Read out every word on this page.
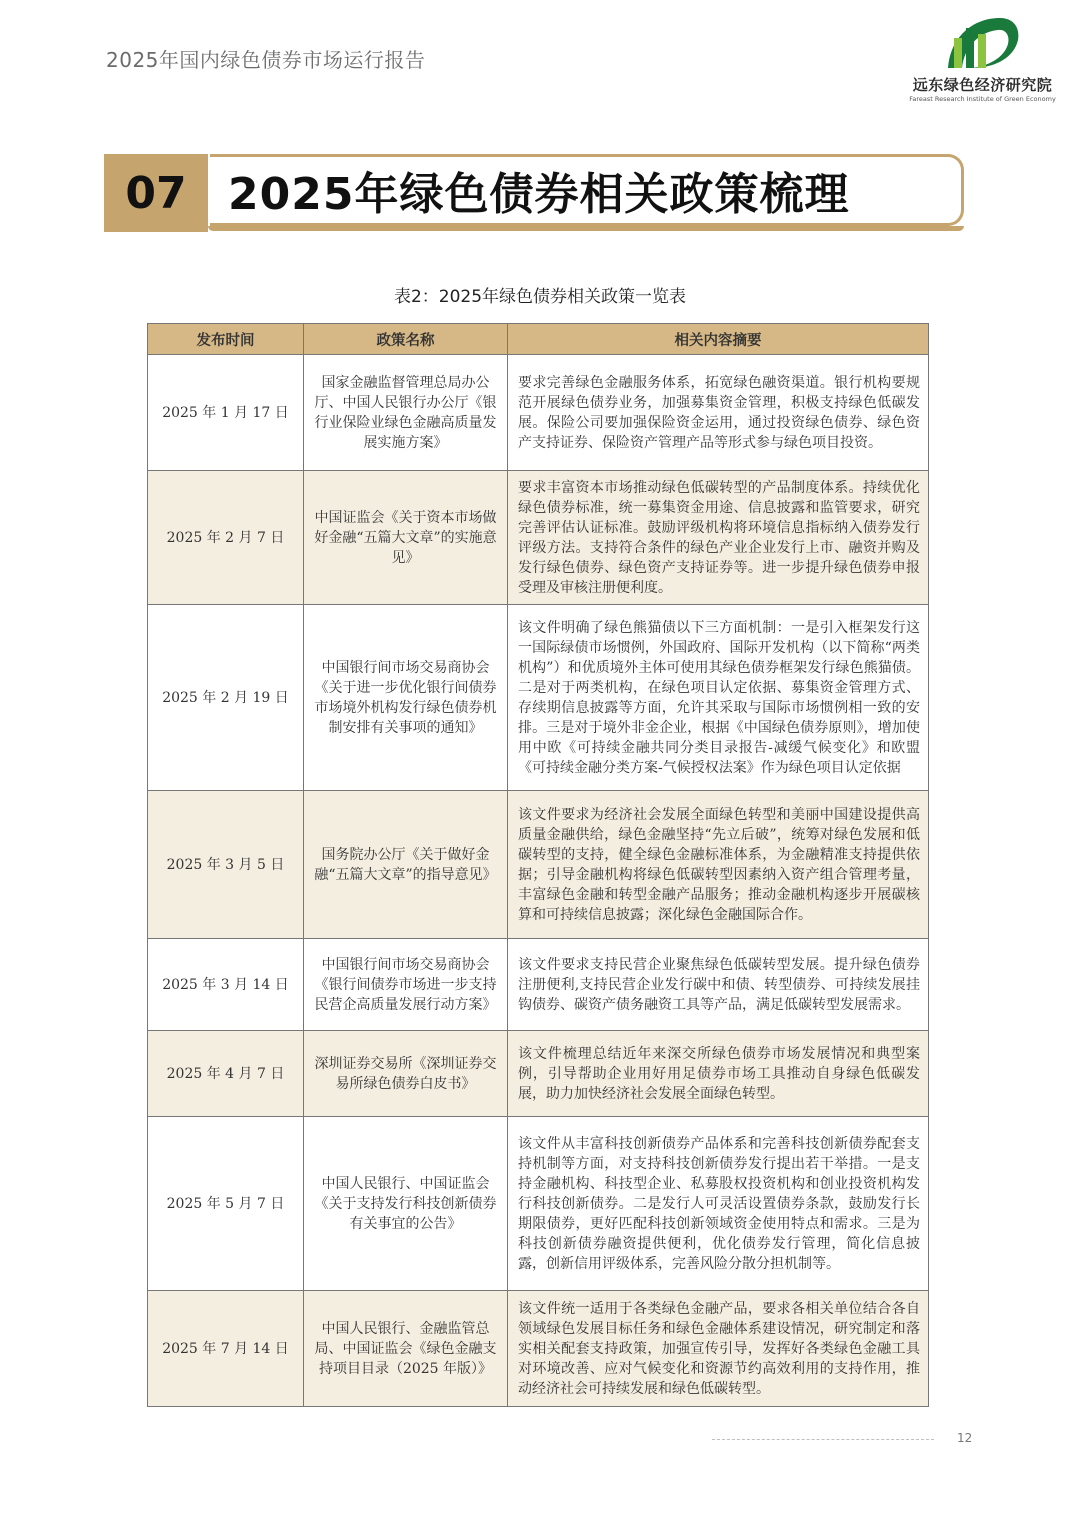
2025年国内绿色债券市场运行报告
远东绿色经济研究院
Fareast Research Institute of Green Economy
07 2025年绿色债券相关政策梳理
表2：2025年绿色债券相关政策一览表
发布时间	政策名称	相关内容摘要
2025 年 1 月 17 日	国家金融监督管理总局办公厅、中国人民银行办公厅《银行业保险业绿色金融高质量发展实施方案》	要求完善绿色金融服务体系，拓宽绿色融资渠道。银行机构要规范开展绿色债券业务，加强募集资金管理，积极支持绿色低碳发展。保险公司要加强保险资金运用，通过投资绿色债券、绿色资产支持证券、保险资产管理产品等形式参与绿色项目投资。
2025 年 2 月 7 日	中国证监会《关于资本市场做好金融“五篇大文章”的实施意见》	要求丰富资本市场推动绿色低碳转型的产品制度体系。持续优化绿色债券标准，统一募集资金用途、信息披露和监管要求，研究完善评估认证标准。鼓励评级机构将环境信息指标纳入债券发行评级方法。支持符合条件的绿色产业企业发行上市、融资并购及发行绿色债券、绿色资产支持证券等。进一步提升绿色债券申报受理及审核注册便利度。
2025 年 2 月 19 日	中国银行间市场交易商协会《关于进一步优化银行间债券市场境外机构发行绿色债券机制安排有关事项的通知》	该文件明确了绿色熊猫债以下三方面机制：一是引入框架发行这一国际绿债市场惯例，外国政府、国际开发机构（以下简称“两类机构”）和优质境外主体可使用其绿色债券框架发行绿色熊猫债。二是对于两类机构，在绿色项目认定依据、募集资金管理方式、存续期信息披露等方面，允许其采取与国际市场惯例相一致的安排。三是对于境外非金企业，根据《中国绿色债券原则》，增加使用中欧《可持续金融共同分类目录报告-减缓气候变化》和欧盟《可持续金融分类方案-气候授权法案》作为绿色项目认定依据
2025 年 3 月 5 日	国务院办公厅《关于做好金融“五篇大文章”的指导意见》	该文件要求为经济社会发展全面绿色转型和美丽中国建设提供高质量金融供给，绿色金融坚持“先立后破”，统筹对绿色发展和低碳转型的支持，健全绿色金融标准体系，为金融精准支持提供依据；引导金融机构将绿色低碳转型因素纳入资产组合管理考量，丰富绿色金融和转型金融产品服务；推动金融机构逐步开展碳核算和可持续信息披露；深化绿色金融国际合作。
2025 年 3 月 14 日	中国银行间市场交易商协会《银行间债券市场进一步支持民营企高质量发展行动方案》	该文件要求支持民营企业聚焦绿色低碳转型发展。提升绿色债券注册便利,支持民营企业发行碳中和债、转型债券、可持续发展挂钩债券、碳资产债务融资工具等产品，满足低碳转型发展需求。
2025 年 4 月 7 日	深圳证券交易所《深圳证券交易所绿色债券白皮书》	该文件梳理总结近年来深交所绿色债券市场发展情况和典型案例，引导帮助企业用好用足债券市场工具推动自身绿色低碳发展，助力加快经济社会发展全面绿色转型。
2025 年 5 月 7 日	中国人民银行、中国证监会《关于支持发行科技创新债券有关事宜的公告》	该文件从丰富科技创新债券产品体系和完善科技创新债券配套支持机制等方面，对支持科技创新债券发行提出若干举措。一是支持金融机构、科技型企业、私募股权投资机构和创业投资机构发行科技创新债券。二是发行人可灵活设置债券条款，鼓励发行长期限债券，更好匹配科技创新领域资金使用特点和需求。三是为科技创新债券融资提供便利，优化债券发行管理，简化信息披露，创新信用评级体系，完善风险分散分担机制等。
2025 年 7 月 14 日	中国人民银行、金融监管总局、中国证监会《绿色金融支持项目目录（2025 年版）》	该文件统一适用于各类绿色金融产品，要求各相关单位结合各自领域绿色发展目标任务和绿色金融体系建设情况，研究制定和落实相关配套支持政策，加强宣传引导，发挥好各类绿色金融工具对环境改善、应对气候变化和资源节约高效利用的支持作用，推动经济社会可持续发展和绿色低碳转型。
12
